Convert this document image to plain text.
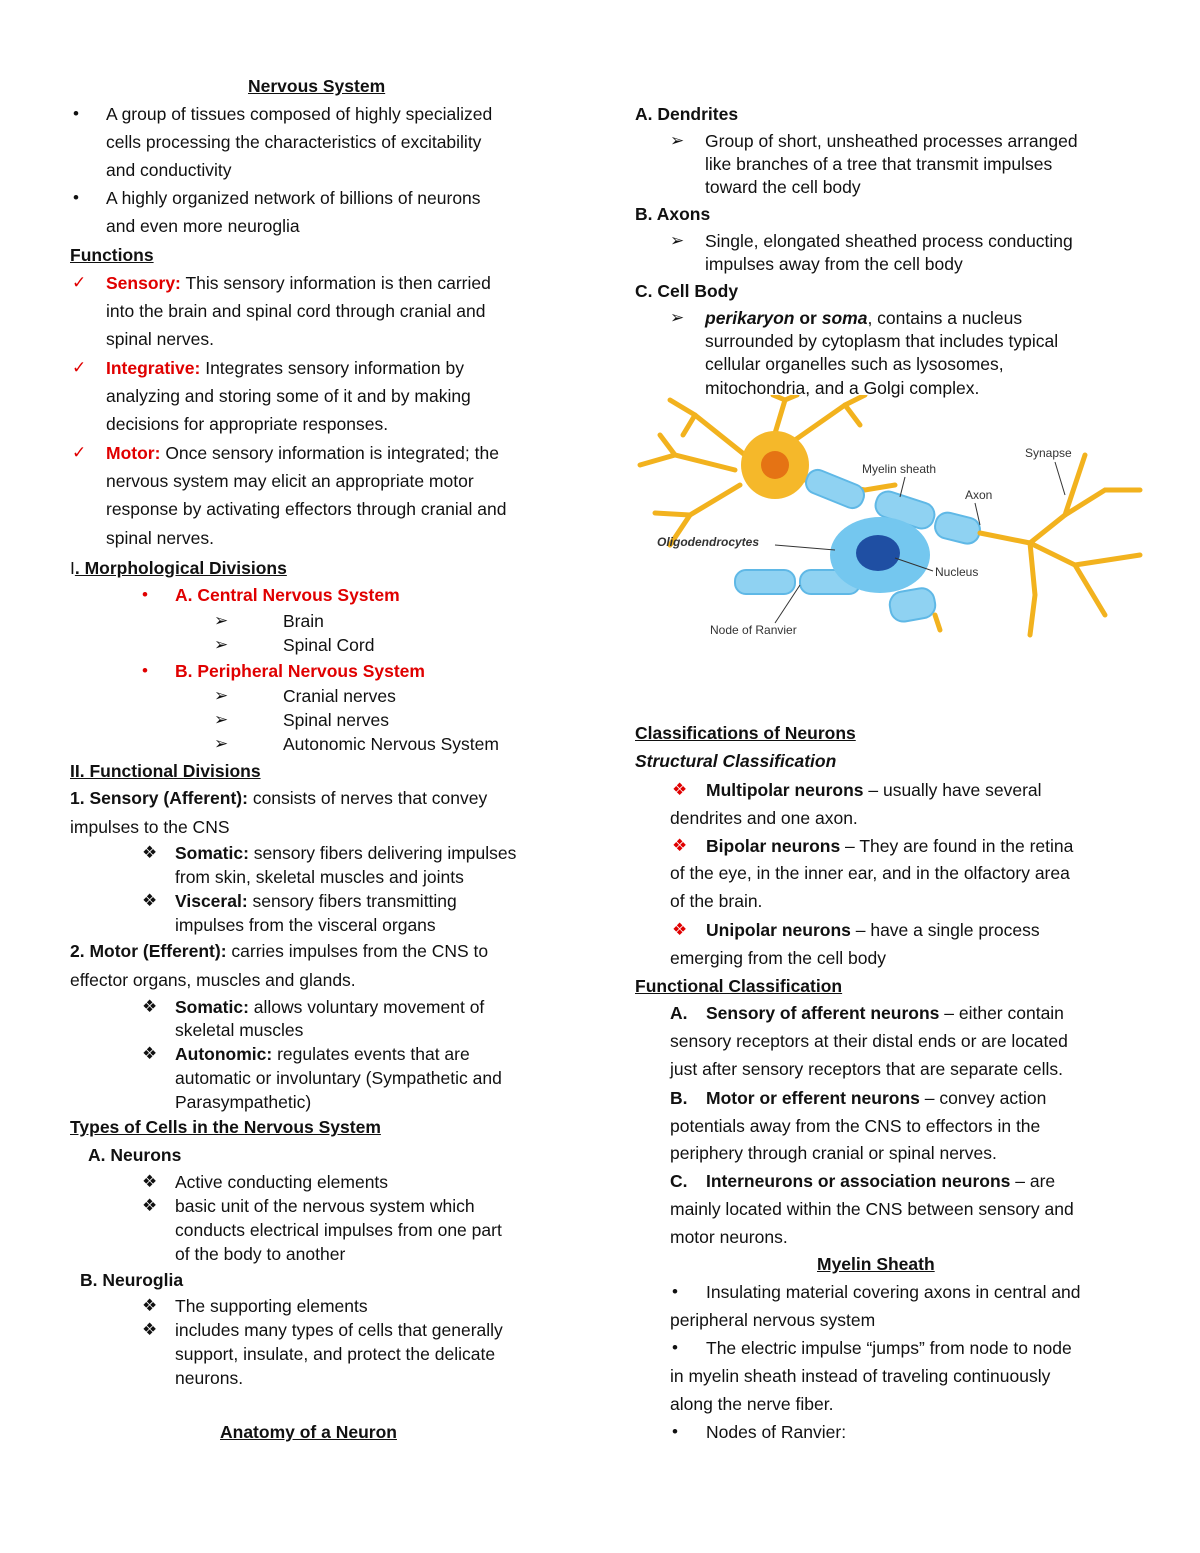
Nervous System
• A group of tissues composed of highly specialized
cells processing the characteristics of excitability
and conductivity
• A highly organized network of billions of neurons
and even more neuroglia
Functions
✓ Sensory: This sensory information is then carried
into the brain and spinal cord through cranial and
spinal nerves.
✓ Integrative: Integrates sensory information by
analyzing and storing some of it and by making
decisions for appropriate responses.
✓ Motor: Once sensory information is integrated; the
nervous system may elicit an appropriate motor
response by activating effectors through cranial and
spinal nerves.
I. Morphological Divisions
• A. Central Nervous System
➢	Brain
➢	Spinal Cord
• B. Peripheral Nervous System
➢	Cranial nerves
➢	Spinal nerves
➢	Autonomic Nervous System
II. Functional Divisions
1. Sensory (Afferent): consists of nerves that convey
impulses to the CNS
❖ Somatic: sensory fibers delivering impulses
from skin, skeletal muscles and joints
❖ Visceral: sensory fibers transmitting
impulses from the visceral organs
2. Motor (Efferent): carries impulses from the CNS to
effector organs, muscles and glands.
❖ Somatic: allows voluntary movement of
skeletal muscles
❖ Autonomic: regulates events that are
automatic or involuntary (Sympathetic and
Parasympathetic)
Types of Cells in the Nervous System
A. Neurons
❖ Active conducting elements
❖ basic unit of the nervous system which
conducts electrical impulses from one part
of the body to another
B. Neuroglia
❖ The supporting elements
❖ includes many types of cells that generally
support, insulate, and protect the delicate
neurons.
Anatomy of a Neuron
A. Dendrites
➢ Group of short, unsheathed processes arranged
like branches of a tree that transmit impulses
toward the cell body
B. Axons
➢ Single, elongated sheathed process conducting
impulses away from the cell body
C. Cell Body
➢ perikaryon or soma, contains a nucleus
surrounded by cytoplasm that includes typical
cellular organelles such as lysosomes,
mitochondria, and a Golgi complex.
Myelin sheath
Synapse
Axon
Oligodendrocytes
Nucleus
Node of Ranvier
Classifications of Neurons
Structural Classification
❖ Multipolar neurons – usually have several
dendrites and one axon.
❖ Bipolar neurons – They are found in the retina
of the eye, in the inner ear, and in the olfactory area
of the brain.
❖ Unipolar neurons – have a single process
emerging from the cell body
Functional Classification
A. Sensory of afferent neurons – either contain
sensory receptors at their distal ends or are located
just after sensory receptors that are separate cells.
B. Motor or efferent neurons – convey action
potentials away from the CNS to effectors in the
periphery through cranial or spinal nerves.
C. Interneurons or association neurons – are
mainly located within the CNS between sensory and
motor neurons.
Myelin Sheath
• Insulating material covering axons in central and
peripheral nervous system
• The electric impulse “jumps” from node to node
in myelin sheath instead of traveling continuously
along the nerve fiber.
• Nodes of Ranvier:
